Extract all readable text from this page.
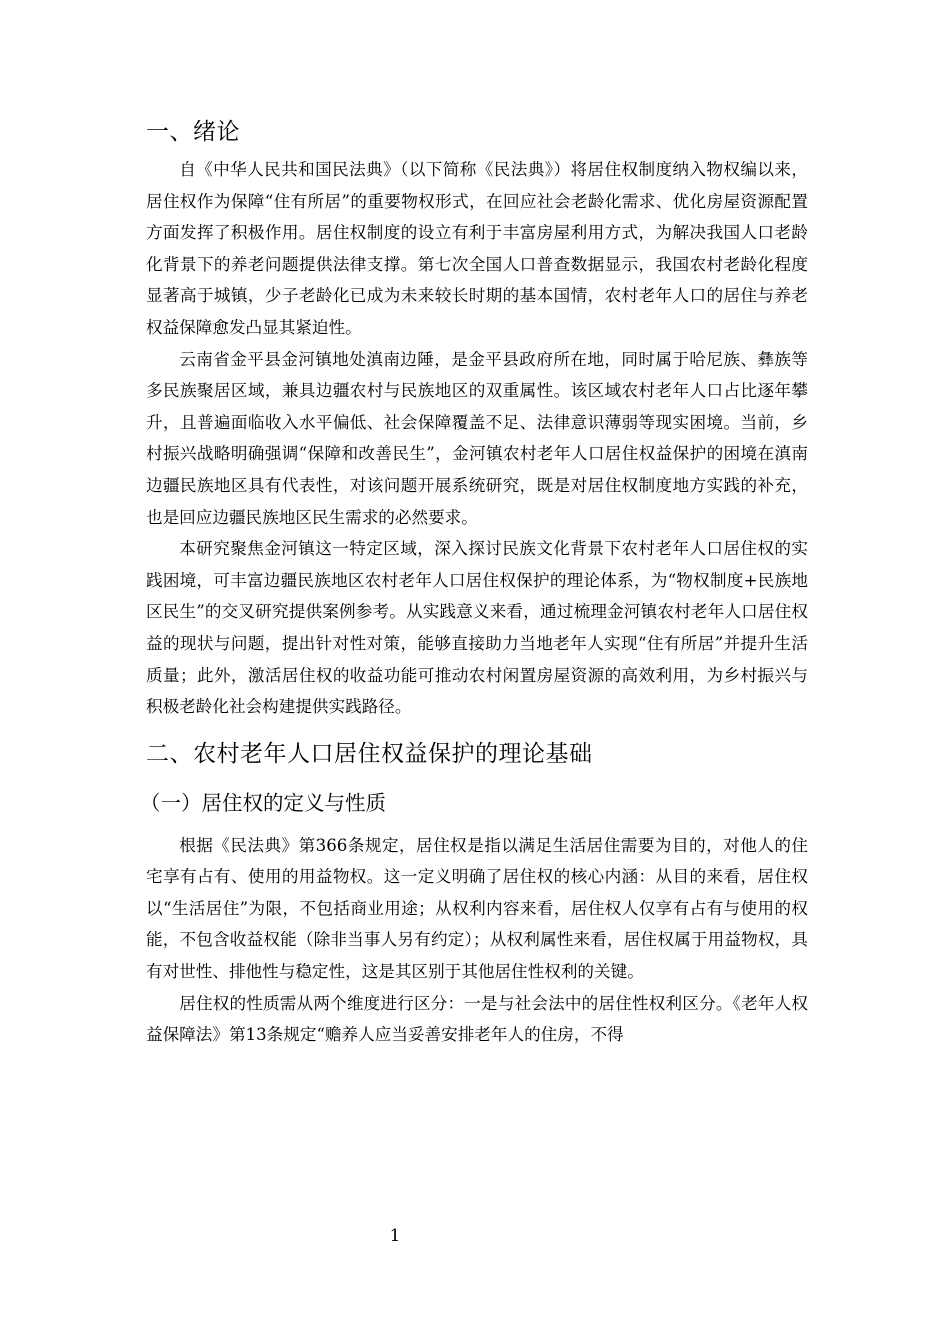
一、绪论

自《中华人民共和国民法典》（以下简称《民法典》）将居住权制度纳入物权编以来，居住权作为保障“住有所居”的重要物权形式，在回应社会老龄化需求、优化房屋资源配置方面发挥了积极作用。居住权制度的设立有利于丰富房屋利用方式，为解决我国人口老龄化背景下的养老问题提供法律支撑。第七次全国人口普查数据显示，我国农村老龄化程度显著高于城镇，少子老龄化已成为未来较长时期的基本国情，农村老年人口的居住与养老权益保障愈发凸显其紧迫性。

云南省金平县金河镇地处滇南边陲，是金平县政府所在地，同时属于哈尼族、彝族等多民族聚居区域，兼具边疆农村与民族地区的双重属性。该区域农村老年人口占比逐年攀升，且普遍面临收入水平偏低、社会保障覆盖不足、法律意识薄弱等现实困境。当前，乡村振兴战略明确强调“保障和改善民生”，金河镇农村老年人口居住权益保护的困境在滇南边疆民族地区具有代表性，对该问题开展系统研究，既是对居住权制度地方实践的补充，也是回应边疆民族地区民生需求的必然要求。

本研究聚焦金河镇这一特定区域，深入探讨民族文化背景下农村老年人口居住权的实践困境，可丰富边疆民族地区农村老年人口居住权保护的理论体系，为“物权制度+民族地区民生”的交叉研究提供案例参考。从实践意义来看，通过梳理金河镇农村老年人口居住权益的现状与问题，提出针对性对策，能够直接助力当地老年人实现“住有所居”并提升生活质量；此外，激活居住权的收益功能可推动农村闲置房屋资源的高效利用，为乡村振兴与积极老龄化社会构建提供实践路径。

二、农村老年人口居住权益保护的理论基础
（一）居住权的定义与性质

根据《民法典》第366条规定，居住权是指以满足生活居住需要为目的，对他人的住宅享有占有、使用的用益物权。这一定义明确了居住权的核心内涵：从目的来看，居住权以“生活居住”为限，不包括商业用途；从权利内容来看，居住权人仅享有占有与使用的权能，不包含收益权能（除非当事人另有约定）；从权利属性来看，居住权属于用益物权，具有对世性、排他性与稳定性，这是其区别于其他居住性权利的关键。

居住权的性质需从两个维度进行区分：一是与社会法中的居住性权利区分。《老年人权益保障法》第13条规定“赡养人应当妥善安排老年人的住房，不得

1
